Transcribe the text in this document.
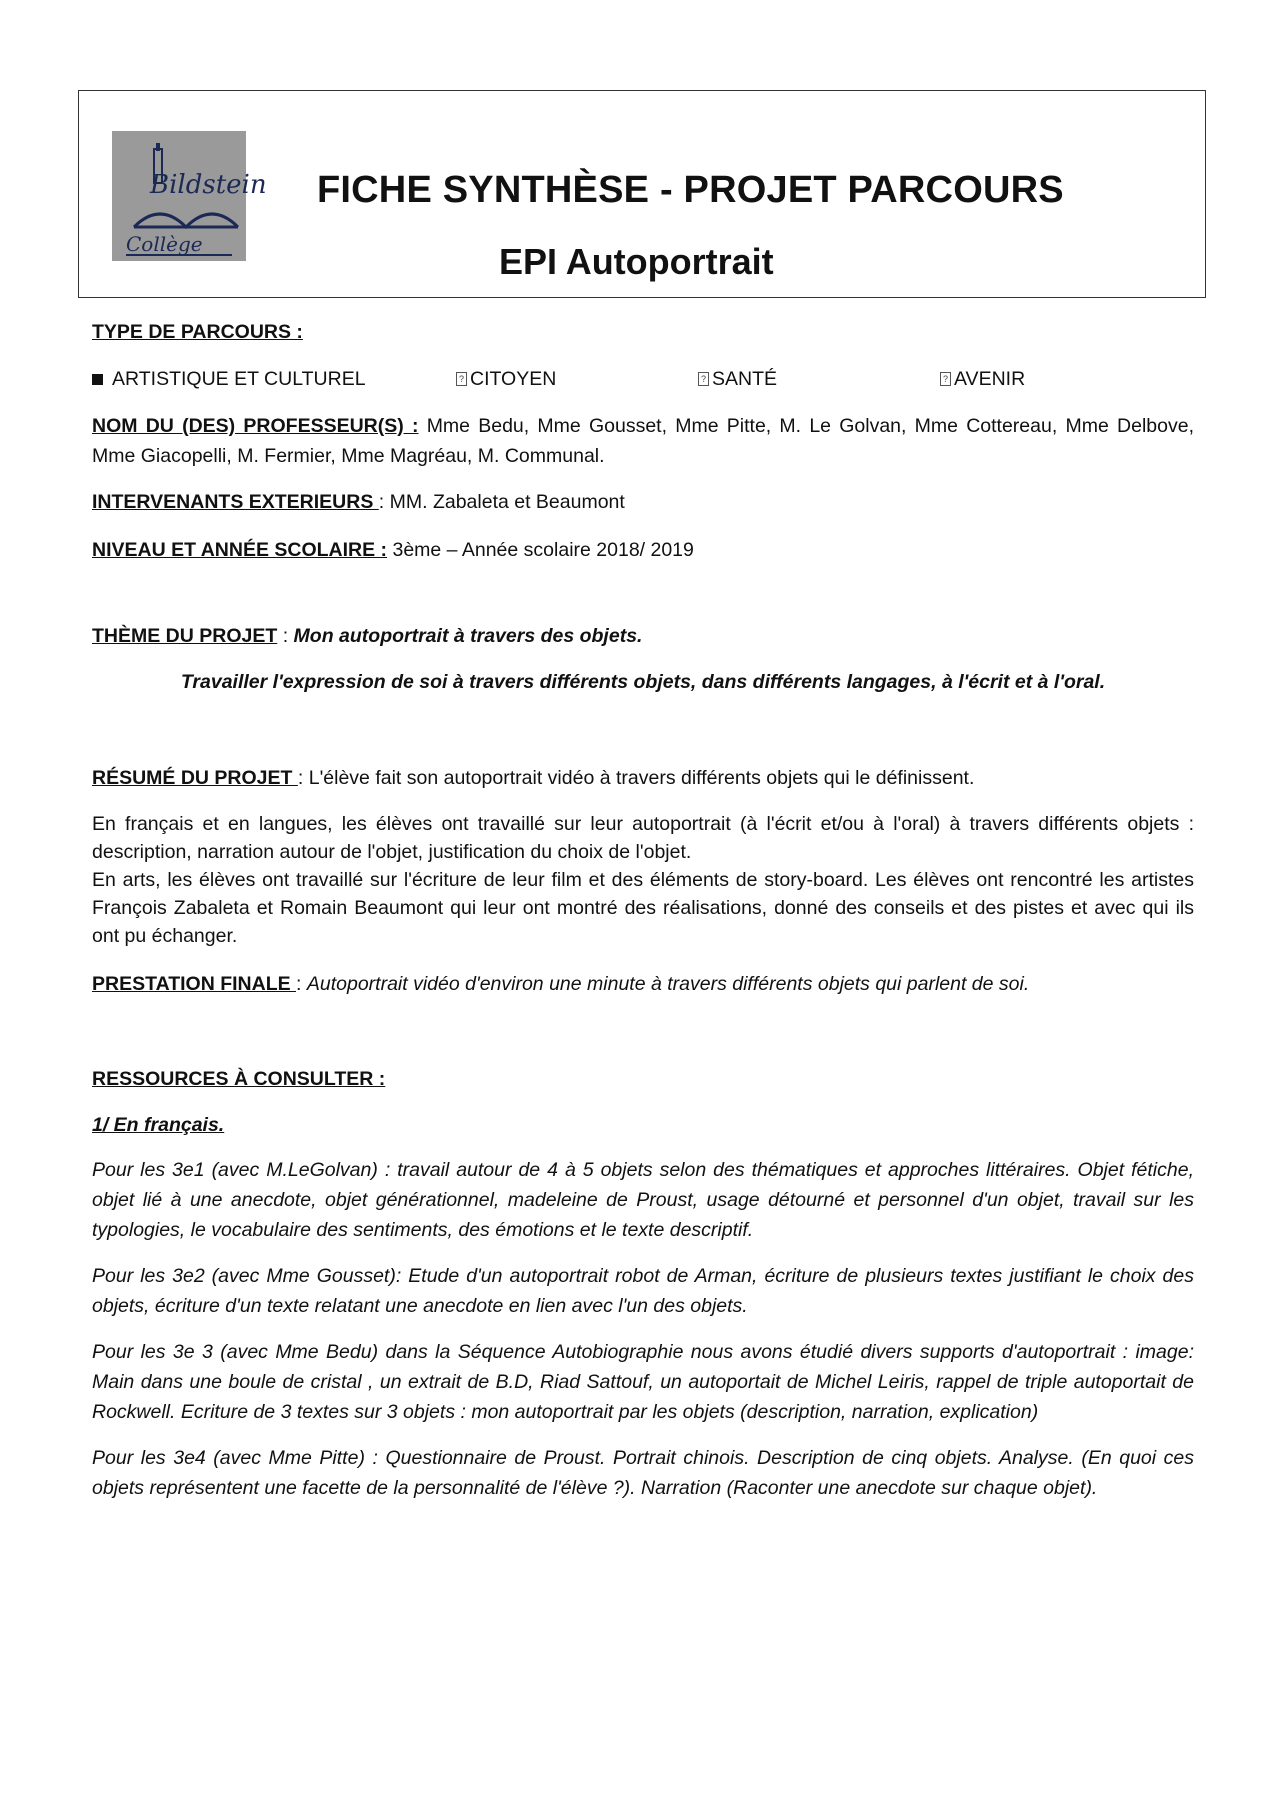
Bildstein
Collège
FICHE SYNTHÈSE - PROJET PARCOURS
EPI Autoportrait

TYPE DE PARCOURS :

ARTISTIQUE ET CULTUREL	? CITOYEN	? SANTÉ	? AVENIR

NOM DU (DES) PROFESSEUR(S) : Mme Bedu, Mme Gousset, Mme Pitte, M. Le Golvan, Mme Cottereau, Mme Delbove, Mme Giacopelli, M. Fermier, Mme Magréau, M. Communal.

INTERVENANTS EXTERIEURS : MM. Zabaleta et Beaumont

NIVEAU ET ANNÉE SCOLAIRE : 3ème – Année scolaire 2018/ 2019

THÈME DU PROJET : Mon autoportrait à travers des objets.

Travailler l'expression de soi à travers différents objets, dans différents langages, à l'écrit et à l'oral.

RÉSUMÉ DU PROJET : L'élève fait son autoportrait vidéo à travers différents objets qui le définissent.

En français et en langues, les élèves ont travaillé sur leur autoportrait (à l'écrit et/ou à l'oral) à travers différents objets : description, narration autour de l'objet, justification du choix de l'objet.

En arts, les élèves ont travaillé sur l'écriture de leur film et des éléments de story-board. Les élèves ont rencontré les artistes François Zabaleta et Romain Beaumont qui leur ont montré des réalisations, donné des conseils et des pistes et avec qui ils ont pu échanger.

PRESTATION FINALE : Autoportrait vidéo d'environ une minute à travers différents objets qui parlent de soi.

RESSOURCES À CONSULTER :

1/ En français.

Pour les 3e1 (avec M.LeGolvan) : travail autour de 4 à 5 objets selon des thématiques et approches littéraires. Objet fétiche, objet lié à une anecdote, objet générationnel, madeleine de Proust, usage détourné et personnel d'un objet, travail sur les typologies, le vocabulaire des sentiments, des émotions et le texte descriptif.

Pour les 3e2 (avec Mme Gousset): Etude d'un autoportrait robot de Arman, écriture de plusieurs textes justifiant le choix des objets, écriture d'un texte relatant une anecdote en lien avec l'un des objets.

Pour les 3e 3 (avec Mme Bedu) dans la Séquence Autobiographie nous avons étudié divers supports d'autoportrait : image: Main dans une boule de cristal , un extrait de B.D, Riad Sattouf, un autoportait de Michel Leiris, rappel de triple autoportait de Rockwell. Ecriture de 3 textes sur 3 objets : mon autoportrait par les objets (description, narration, explication)

Pour les 3e4 (avec Mme Pitte) : Questionnaire de Proust. Portrait chinois. Description de cinq objets. Analyse. (En quoi ces objets représentent une facette de la personnalité de l'élève ?). Narration (Raconter une anecdote sur chaque objet).
